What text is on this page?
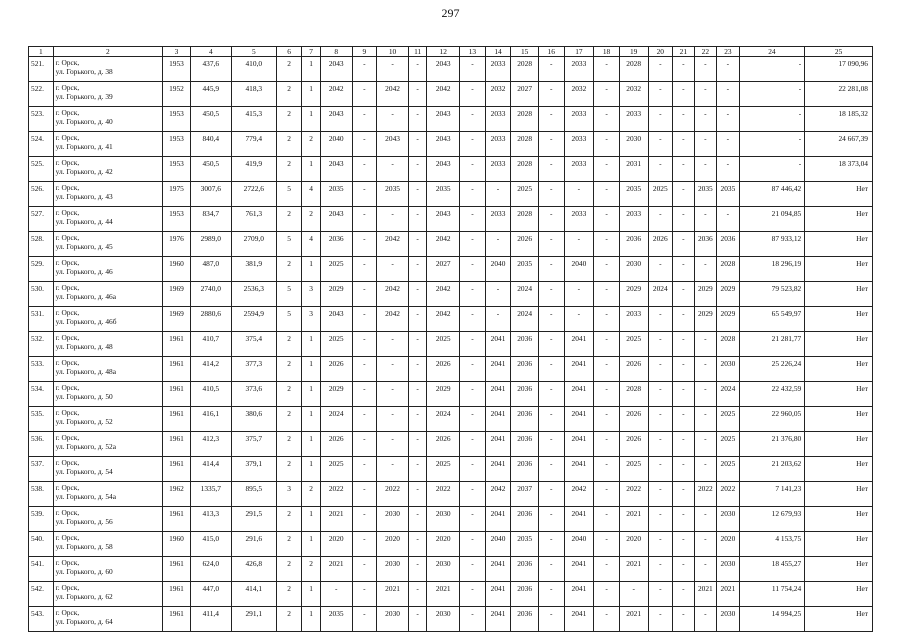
297
1	2	3	4	5	6	7	8	9	10	11	12	13	14	15	16	17	18	19	20	21	22	23	24	25
521.	г. Орск,
ул. Горького, д. 38	1953	437,6	410,0	2	1	2043	-	-	-	2043	-	2033	2028	-	2033	-	2028	-	-	-	-	-	17 090,96
522.	г. Орск,
ул. Горького, д. 39	1952	445,9	418,3	2	1	2042	-	2042	-	2042	-	2032	2027	-	2032	-	2032	-	-	-	-	-	22 281,08
523.	г. Орск,
ул. Горького, д. 40	1953	450,5	415,3	2	1	2043	-	-	-	2043	-	2033	2028	-	2033	-	2033	-	-	-	-	-	18 185,32
524.	г. Орск,
ул. Горького, д. 41	1953	840,4	779,4	2	2	2040	-	2043	-	2043	-	2033	2028	-	2033	-	2030	-	-	-	-	-	24 667,39
525.	г. Орск,
ул. Горького, д. 42	1953	450,5	419,9	2	1	2043	-	-	-	2043	-	2033	2028	-	2033	-	2031	-	-	-	-	-	18 373,04
526.	г. Орск,
ул. Горького, д. 43	1975	3007,6	2722,6	5	4	2035	-	2035	-	2035	-	-	2025	-	-	-	2035	2025	-	2035	2035	87 446,42	Нет
527.	г. Орск,
ул. Горького, д. 44	1953	834,7	761,3	2	2	2043	-	-	-	2043	-	2033	2028	-	2033	-	2033	-	-	-	-	21 094,85	Нет
528.	г. Орск,
ул. Горького, д. 45	1976	2989,0	2709,0	5	4	2036	-	2042	-	2042	-	-	2026	-	-	-	2036	2026	-	2036	2036	87 933,12	Нет
529.	г. Орск,
ул. Горького, д. 46	1960	487,0	381,9	2	1	2025	-	-	-	2027	-	2040	2035	-	2040	-	2030	-	-	-	2028	18 296,19	Нет
530.	г. Орск,
ул. Горького, д. 46а	1969	2740,0	2536,3	5	3	2029	-	2042	-	2042	-	-	2024	-	-	-	2029	2024	-	2029	2029	79 523,82	Нет
531.	г. Орск,
ул. Горького, д. 46б	1969	2880,6	2594,9	5	3	2043	-	2042	-	2042	-	-	2024	-	-	-	2033	-	-	2029	2029	65 549,97	Нет
532.	г. Орск,
ул. Горького, д. 48	1961	410,7	375,4	2	1	2025	-	-	-	2025	-	2041	2036	-	2041	-	2025	-	-	-	2028	21 281,77	Нет
533.	г. Орск,
ул. Горького, д. 48а	1961	414,2	377,3	2	1	2026	-	-	-	2026	-	2041	2036	-	2041	-	2026	-	-	-	2030	25 226,24	Нет
534.	г. Орск,
ул. Горького, д. 50	1961	410,5	373,6	2	1	2029	-	-	-	2029	-	2041	2036	-	2041	-	2028	-	-	-	2024	22 432,59	Нет
535.	г. Орск,
ул. Горького, д. 52	1961	416,1	380,6	2	1	2024	-	-	-	2024	-	2041	2036	-	2041	-	2026	-	-	-	2025	22 960,05	Нет
536.	г. Орск,
ул. Горького, д. 52а	1961	412,3	375,7	2	1	2026	-	-	-	2026	-	2041	2036	-	2041	-	2026	-	-	-	2025	21 376,80	Нет
537.	г. Орск,
ул. Горького, д. 54	1961	414,4	379,1	2	1	2025	-	-	-	2025	-	2041	2036	-	2041	-	2025	-	-	-	2025	21 203,62	Нет
538.	г. Орск,
ул. Горького, д. 54а	1962	1335,7	895,5	3	2	2022	-	2022	-	2022	-	2042	2037	-	2042	-	2022	-	-	2022	2022	7 141,23	Нет
539.	г. Орск,
ул. Горького, д. 56	1961	413,3	291,5	2	1	2021	-	2030	-	2030	-	2041	2036	-	2041	-	2021	-	-	-	2030	12 679,93	Нет
540.	г. Орск,
ул. Горького, д. 58	1960	415,0	291,6	2	1	2020	-	2020	-	2020	-	2040	2035	-	2040	-	2020	-	-	-	2020	4 153,75	Нет
541.	г. Орск,
ул. Горького, д. 60	1961	624,0	426,8	2	2	2021	-	2030	-	2030	-	2041	2036	-	2041	-	2021	-	-	-	2030	18 455,27	Нет
542.	г. Орск,
ул. Горького, д. 62	1961	447,0	414,1	2	1	-	-	2021	-	2021	-	2041	2036	-	2041	-	-	-	-	2021	2021	11 754,24	Нет
543.	г. Орск,
ул. Горького, д. 64	1961	411,4	291,1	2	1	2035	-	2030	-	2030	-	2041	2036	-	2041	-	2021	-	-	-	2030	14 994,25	Нет
